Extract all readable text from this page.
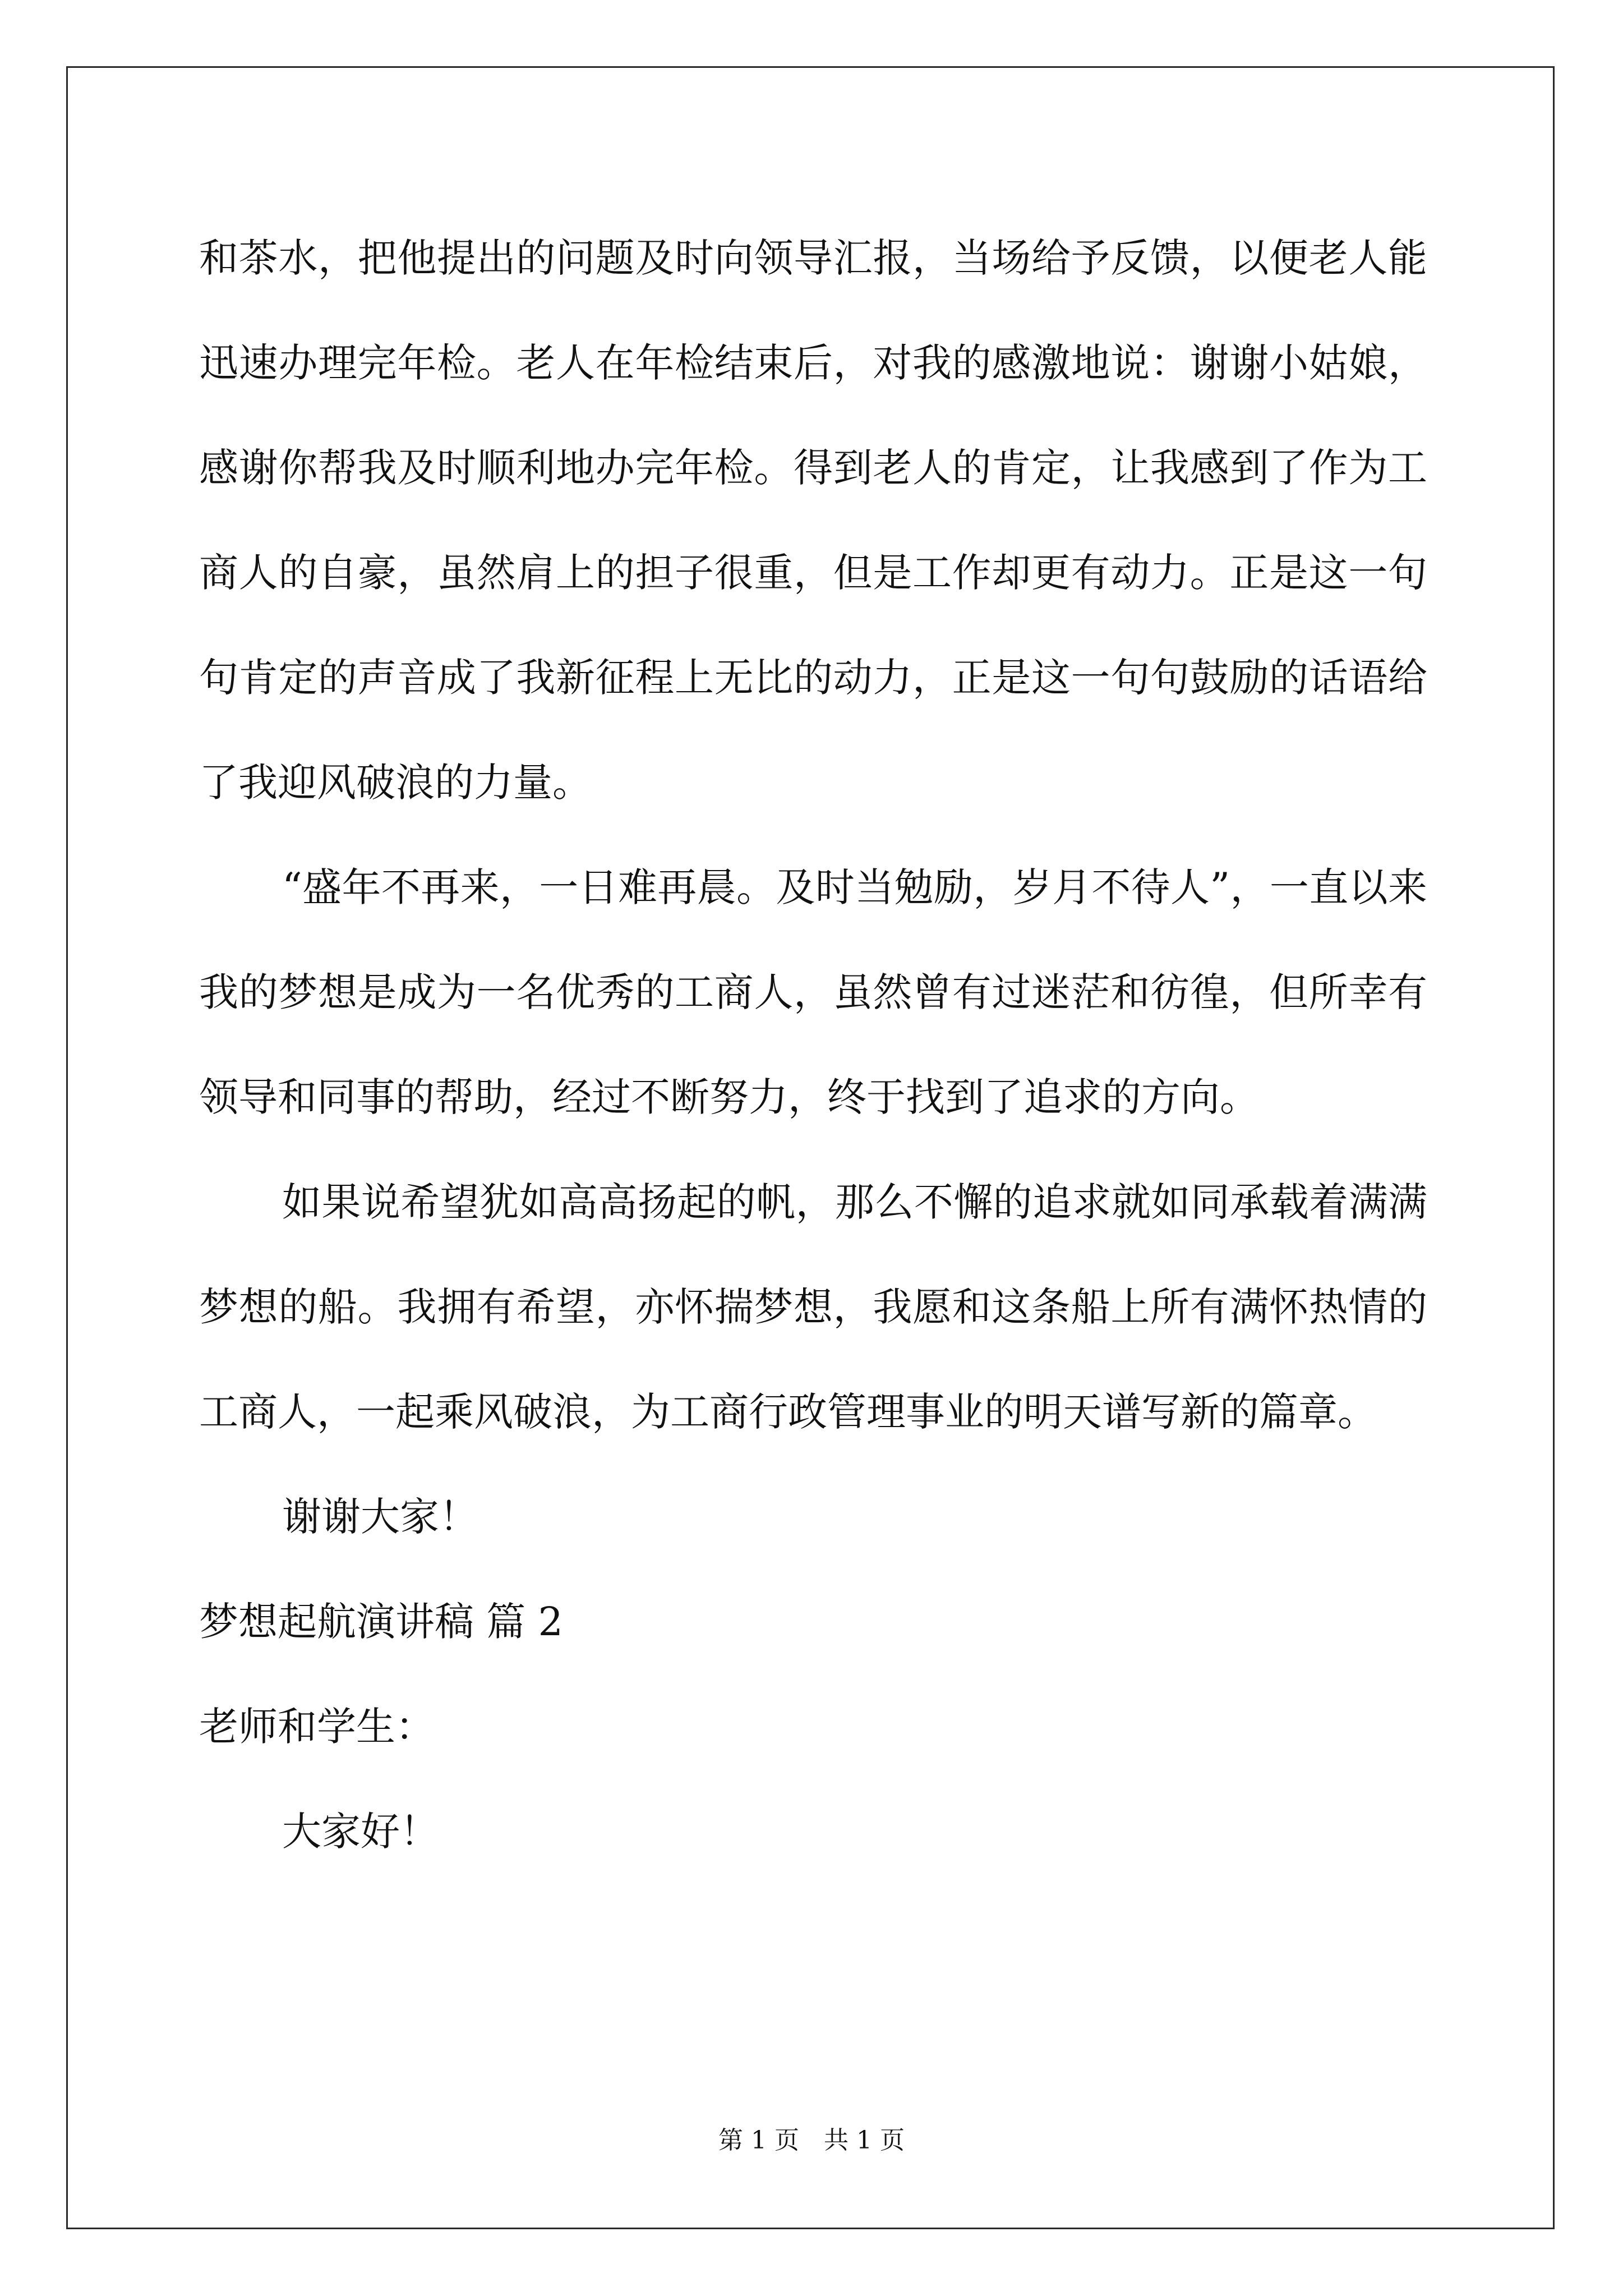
和茶水，把他提出的问题及时向领导汇报，当场给予反馈，以便老人能迅速办理完年检。老人在年检结束后，对我的感激地说：谢谢小姑娘，感谢你帮我及时顺利地办完年检。得到老人的肯定，让我感到了作为工商人的自豪，虽然肩上的担子很重，但是工作却更有动力。正是这一句句肯定的声音成了我新征程上无比的动力，正是这一句句鼓励的话语给了我迎风破浪的力量。

“盛年不再来，一日难再晨。及时当勉励，岁月不待人”，一直以来我的梦想是成为一名优秀的工商人，虽然曾有过迷茫和彷徨，但所幸有领导和同事的帮助，经过不断努力，终于找到了追求的方向。

如果说希望犹如高高扬起的帆，那么不懈的追求就如同承载着满满梦想的船。我拥有希望，亦怀揣梦想，我愿和这条船上所有满怀热情的工商人，一起乘风破浪，为工商行政管理事业的明天谱写新的篇章。

谢谢大家！

梦想起航演讲稿 篇 2

老师和学生：

大家好！

第 1 页　共 1 页
